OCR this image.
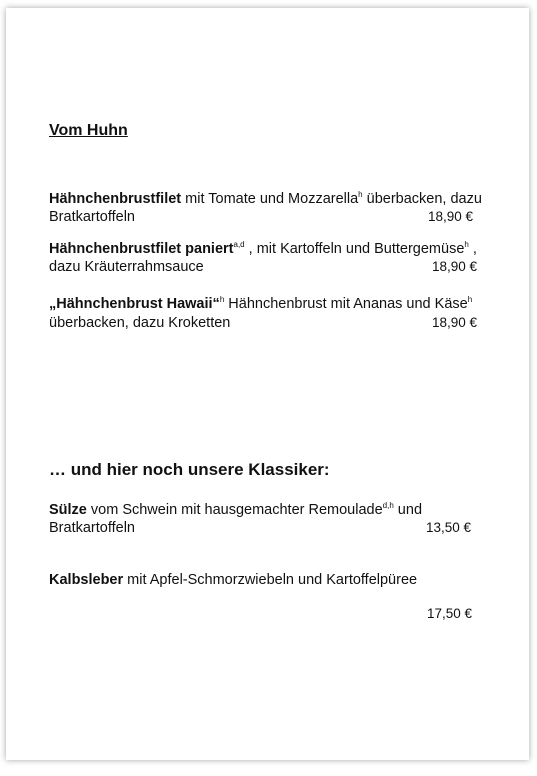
Vom Huhn
Hähnchenbrustfilet mit Tomate und Mozzarella$^h$ überbacken, dazu
Bratkartoffeln	18,90 €
Hähnchenbrustfilet paniert$^{a,d}$ , mit Kartoffeln und Buttergemüse$^h$ ,
dazu Kräuterrahmsauce	18,90 €
„Hähnchenbrust Hawaii“$^h$ Hähnchenbrust mit Ananas und Käse$^h$
überbacken, dazu Kroketten	18,90 €
… und hier noch unsere Klassiker:
Sülze vom Schwein mit hausgemachter Remoulade$^{d,h}$ und
Bratkartoffeln	13,50 €
Kalbsleber mit Apfel-Schmorzwiebeln und Kartoffelpüree
17,50 €
